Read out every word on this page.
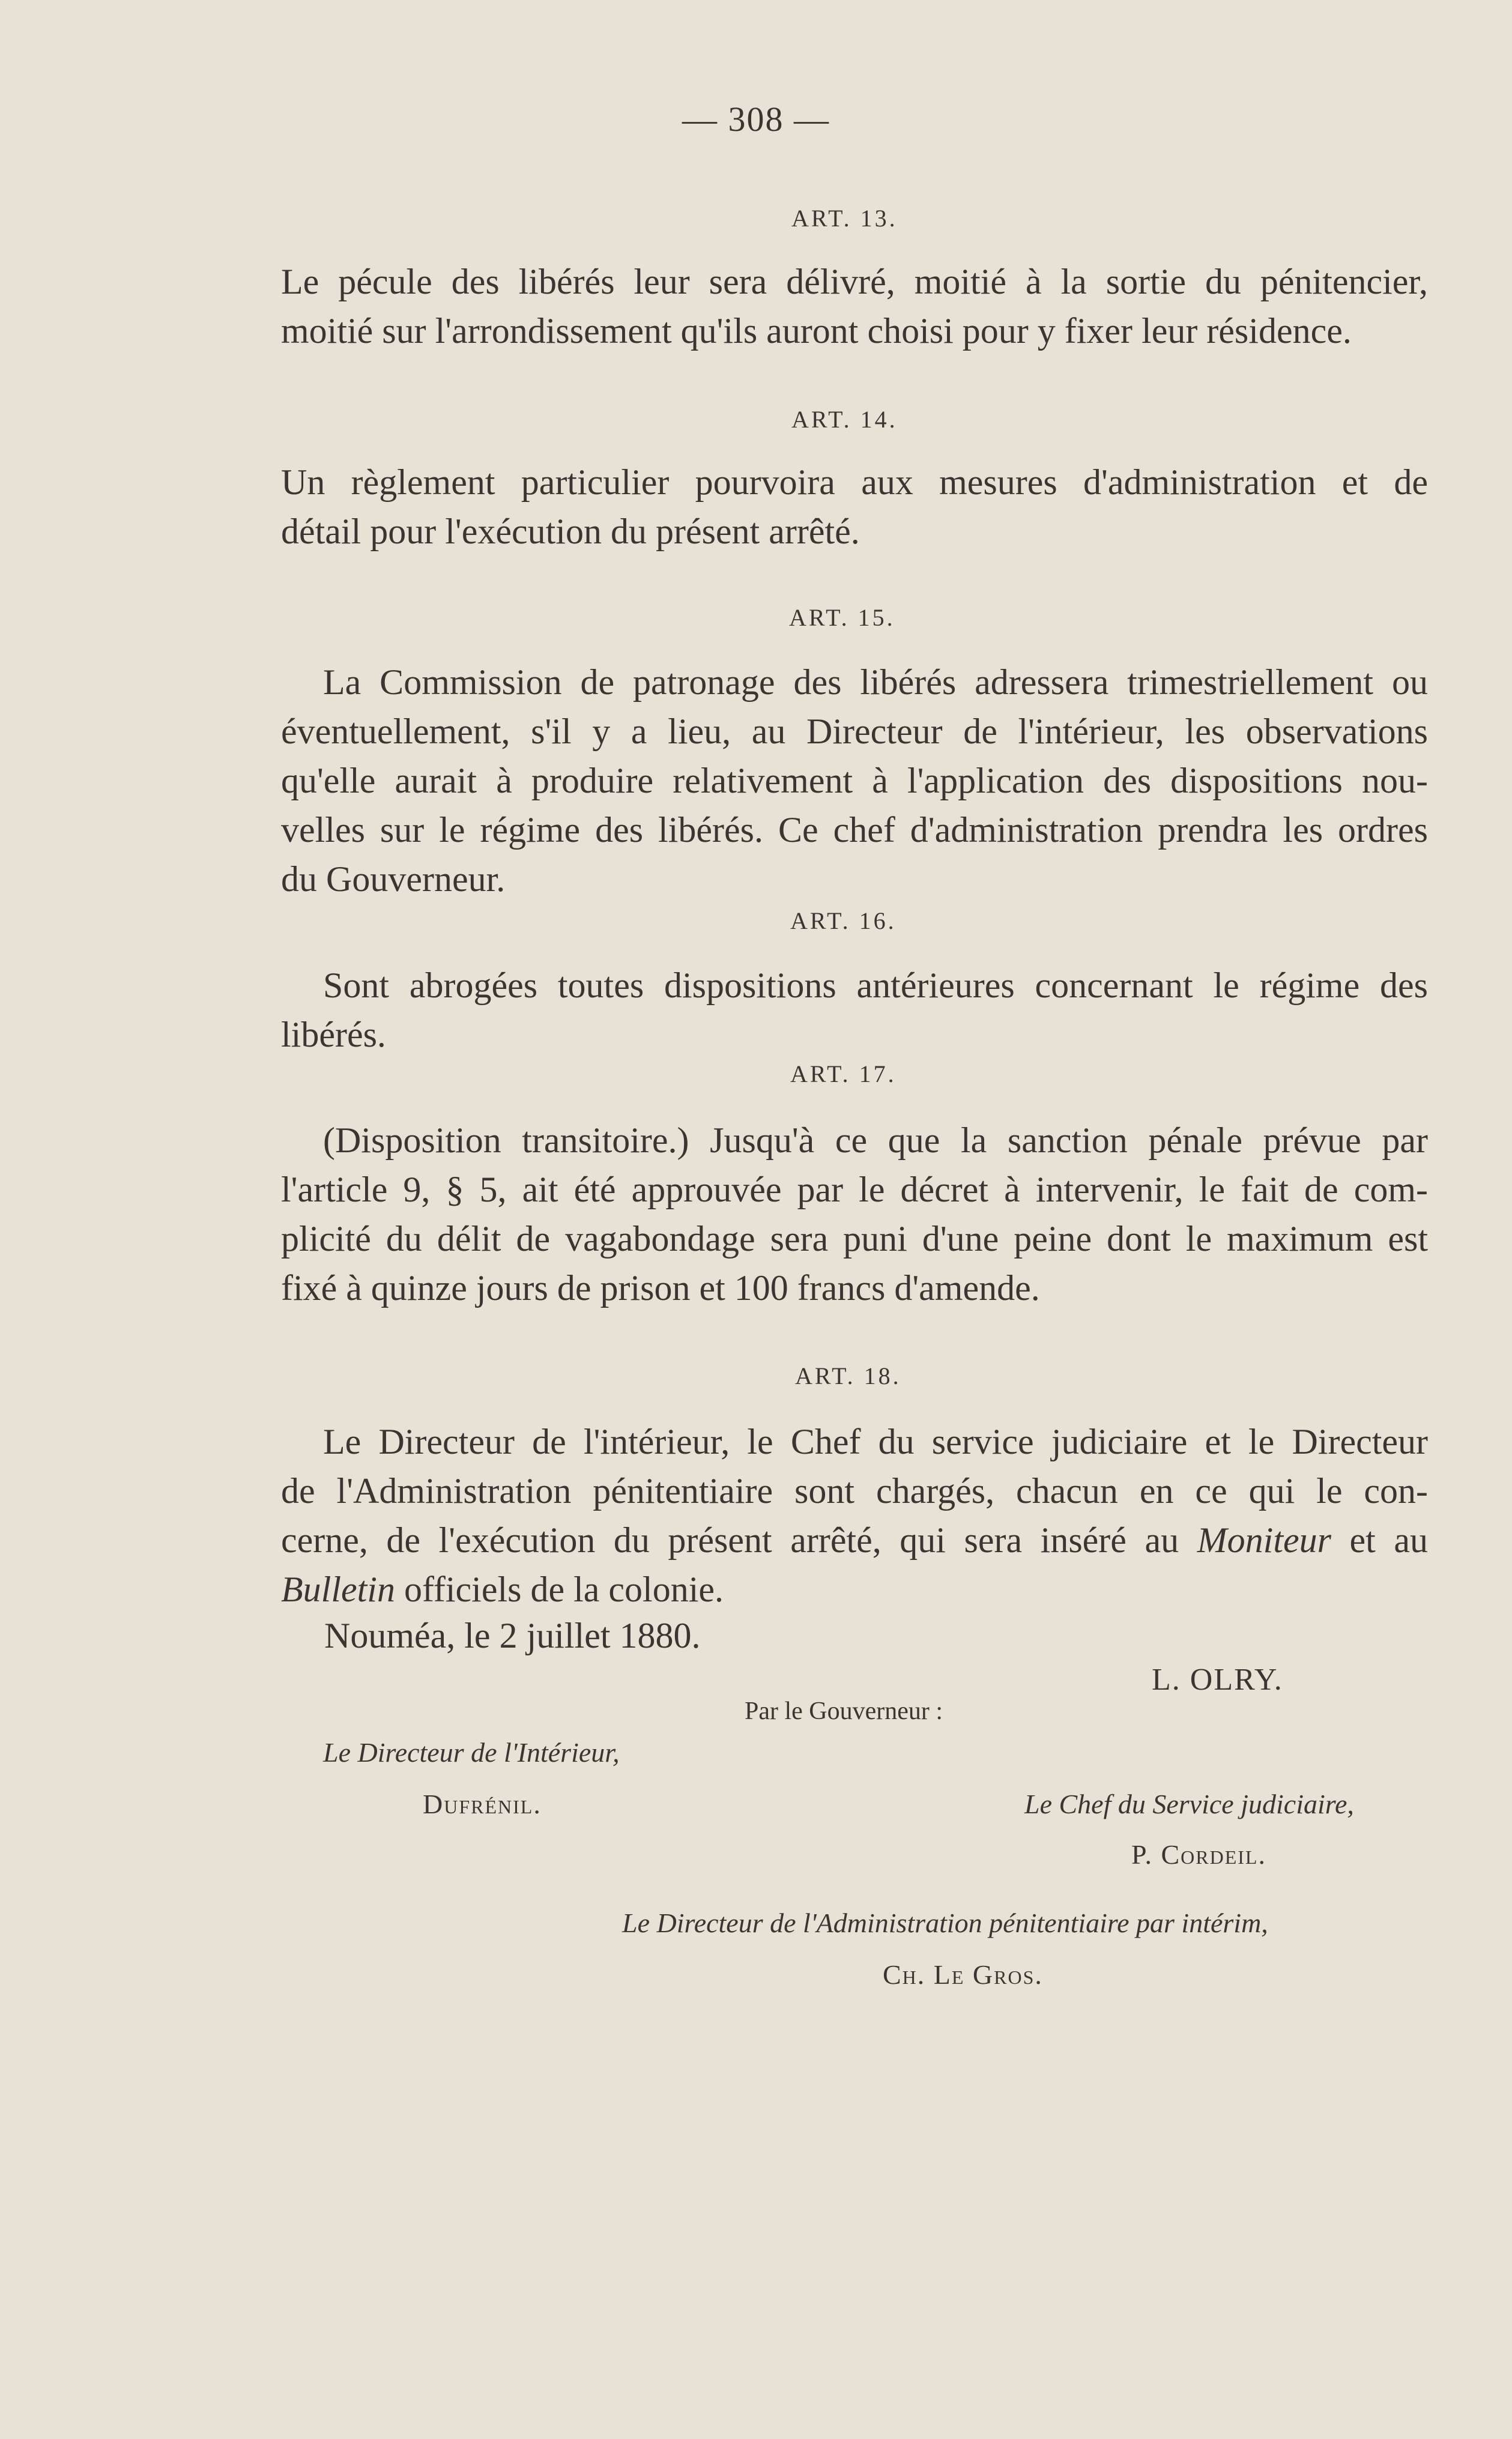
— 308 —
ART. 13.
Le pécule des libérés leur sera délivré, moitié à la sortie du pénitencier,
moitié sur l'arrondissement qu'ils auront choisi pour y fixer leur résidence.
ART. 14.
Un règlement particulier pourvoira aux mesures d'administration et de
détail pour l'exécution du présent arrêté.
ART. 15.
La Commission de patronage des libérés adressera trimestriellement ou
éventuellement, s'il y a lieu, au Directeur de l'intérieur, les observations
qu'elle aurait à produire relativement à l'application des dispositions nou-
velles sur le régime des libérés. Ce chef d'administration prendra les ordres
du Gouverneur.
ART. 16.
Sont abrogées toutes dispositions antérieures concernant le régime des
libérés.
ART. 17.
(Disposition transitoire.) Jusqu'à ce que la sanction pénale prévue par
l'article 9, § 5, ait été approuvée par le décret à intervenir, le fait de com-
plicité du délit de vagabondage sera puni d'une peine dont le maximum est
fixé à quinze jours de prison et 100 francs d'amende.
ART. 18.
Le Directeur de l'intérieur, le Chef du service judiciaire et le Directeur
de l'Administration pénitentiaire sont chargés, chacun en ce qui le con-
cerne, de l'exécution du présent arrêté, qui sera inséré au Moniteur et au
Bulletin officiels de la colonie.
Nouméa, le 2 juillet 1880.
L. OLRY.
Par le Gouverneur :
Le Directeur de l'Intérieur,
Dufrénil.	Le Chef du Service judiciaire,
P. Cordeil.
Le Directeur de l'Administration pénitentiaire par intérim,
Ch. Le Gros.
